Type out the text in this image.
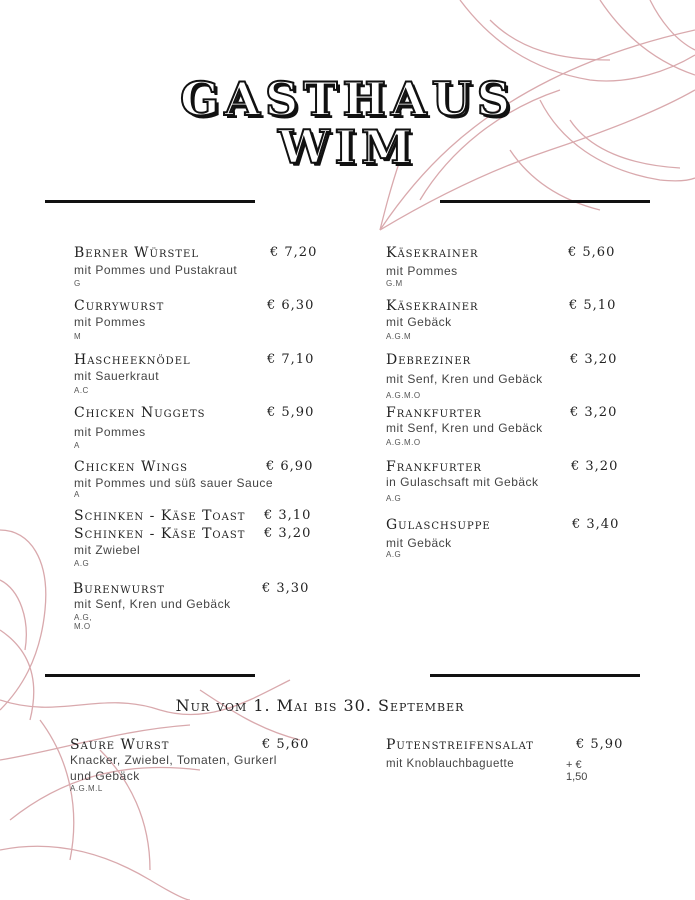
GASTHAUS
WIM
Berner Würstel	€ 7,20
mit Pommes und Pustakraut
G
Currywurst	€ 6,30
mit Pommes
M
Hascheeknödel	€ 7,10
mit Sauerkraut
A.C
Chicken Nuggets	€ 5,90
mit Pommes
A
Chicken Wings	€ 6,90
mit Pommes und süß sauer Sauce
A
Schinken - Käse Toast € 3,10
Schinken - Käse Toast € 3,20
mit Zwiebel
A.G
Burenwurst	€ 3,30
mit Senf, Kren und Gebäck
A.G, M.O
Käsekrainer	€ 5,60
mit Pommes
G.M
Käsekrainer	€ 5,10
mit Gebäck
A.G.M
Debreziner	€ 3,20
mit Senf, Kren und Gebäck
A.G.M.O
Frankfurter	€ 3,20
mit Senf, Kren und Gebäck
A.G.M.O
Frankfurter	€ 3,20
in Gulaschsaft mit Gebäck
A.G
Gulaschsuppe	€ 3,40
mit Gebäck
A.G
Nur vom 1. Mai bis 30. September
Saure Wurst	€ 5,60
Knacker, Zwiebel, Tomaten, Gurkerl
und Gebäck
A.G.M.L
Putenstreifensalat	€ 5,90
mit Knoblauchbaguette	+ € 1,50
